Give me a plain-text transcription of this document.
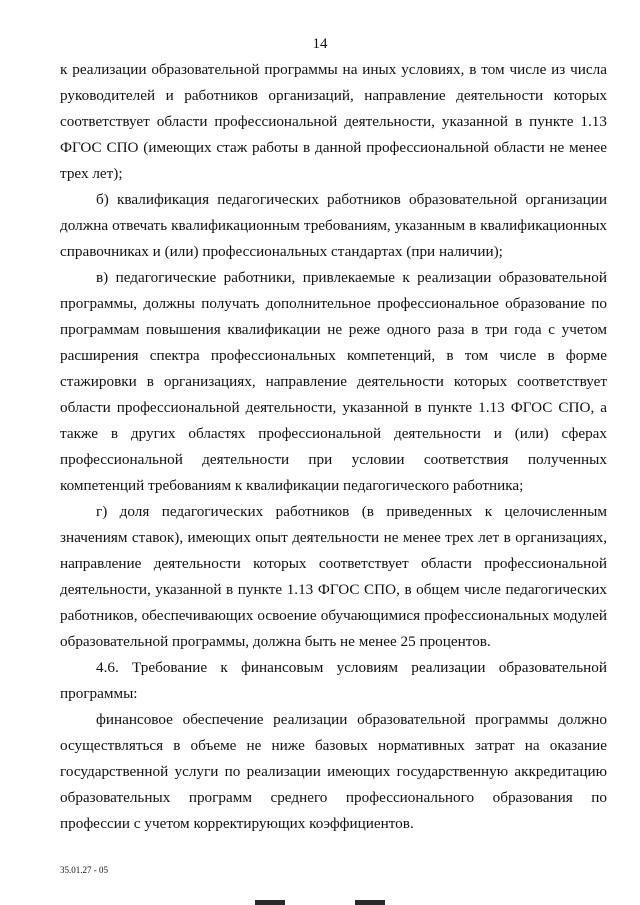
14

к реализации образовательной программы на иных условиях, в том числе из числа руководителей и работников организаций, направление деятельности которых соответствует области профессиональной деятельности, указанной в пункте 1.13 ФГОС СПО (имеющих стаж работы в данной профессиональной области не менее трех лет);

б) квалификация педагогических работников образовательной организации должна отвечать квалификационным требованиям, указанным в квалификационных справочниках и (или) профессиональных стандартах (при наличии);

в) педагогические работники, привлекаемые к реализации образовательной программы, должны получать дополнительное профессиональное образование по программам повышения квалификации не реже одного раза в три года с учетом расширения спектра профессиональных компетенций, в том числе в форме стажировки в организациях, направление деятельности которых соответствует области профессиональной деятельности, указанной в пункте 1.13 ФГОС СПО, а также в других областях профессиональной деятельности и (или) сферах профессиональной деятельности при условии соответствия полученных компетенций требованиям к квалификации педагогического работника;

г) доля педагогических работников (в приведенных к целочисленным значениям ставок), имеющих опыт деятельности не менее трех лет в организациях, направление деятельности которых соответствует области профессиональной деятельности, указанной в пункте 1.13 ФГОС СПО, в общем числе педагогических работников, обеспечивающих освоение обучающимися профессиональных модулей образовательной программы, должна быть не менее 25 процентов.

4.6. Требование к финансовым условиям реализации образовательной программы:

финансовое обеспечение реализации образовательной программы должно осуществляться в объеме не ниже базовых нормативных затрат на оказание государственной услуги по реализации имеющих государственную аккредитацию образовательных программ среднего профессионального образования по профессии с учетом корректирующих коэффициентов.

35.01.27 - 05
